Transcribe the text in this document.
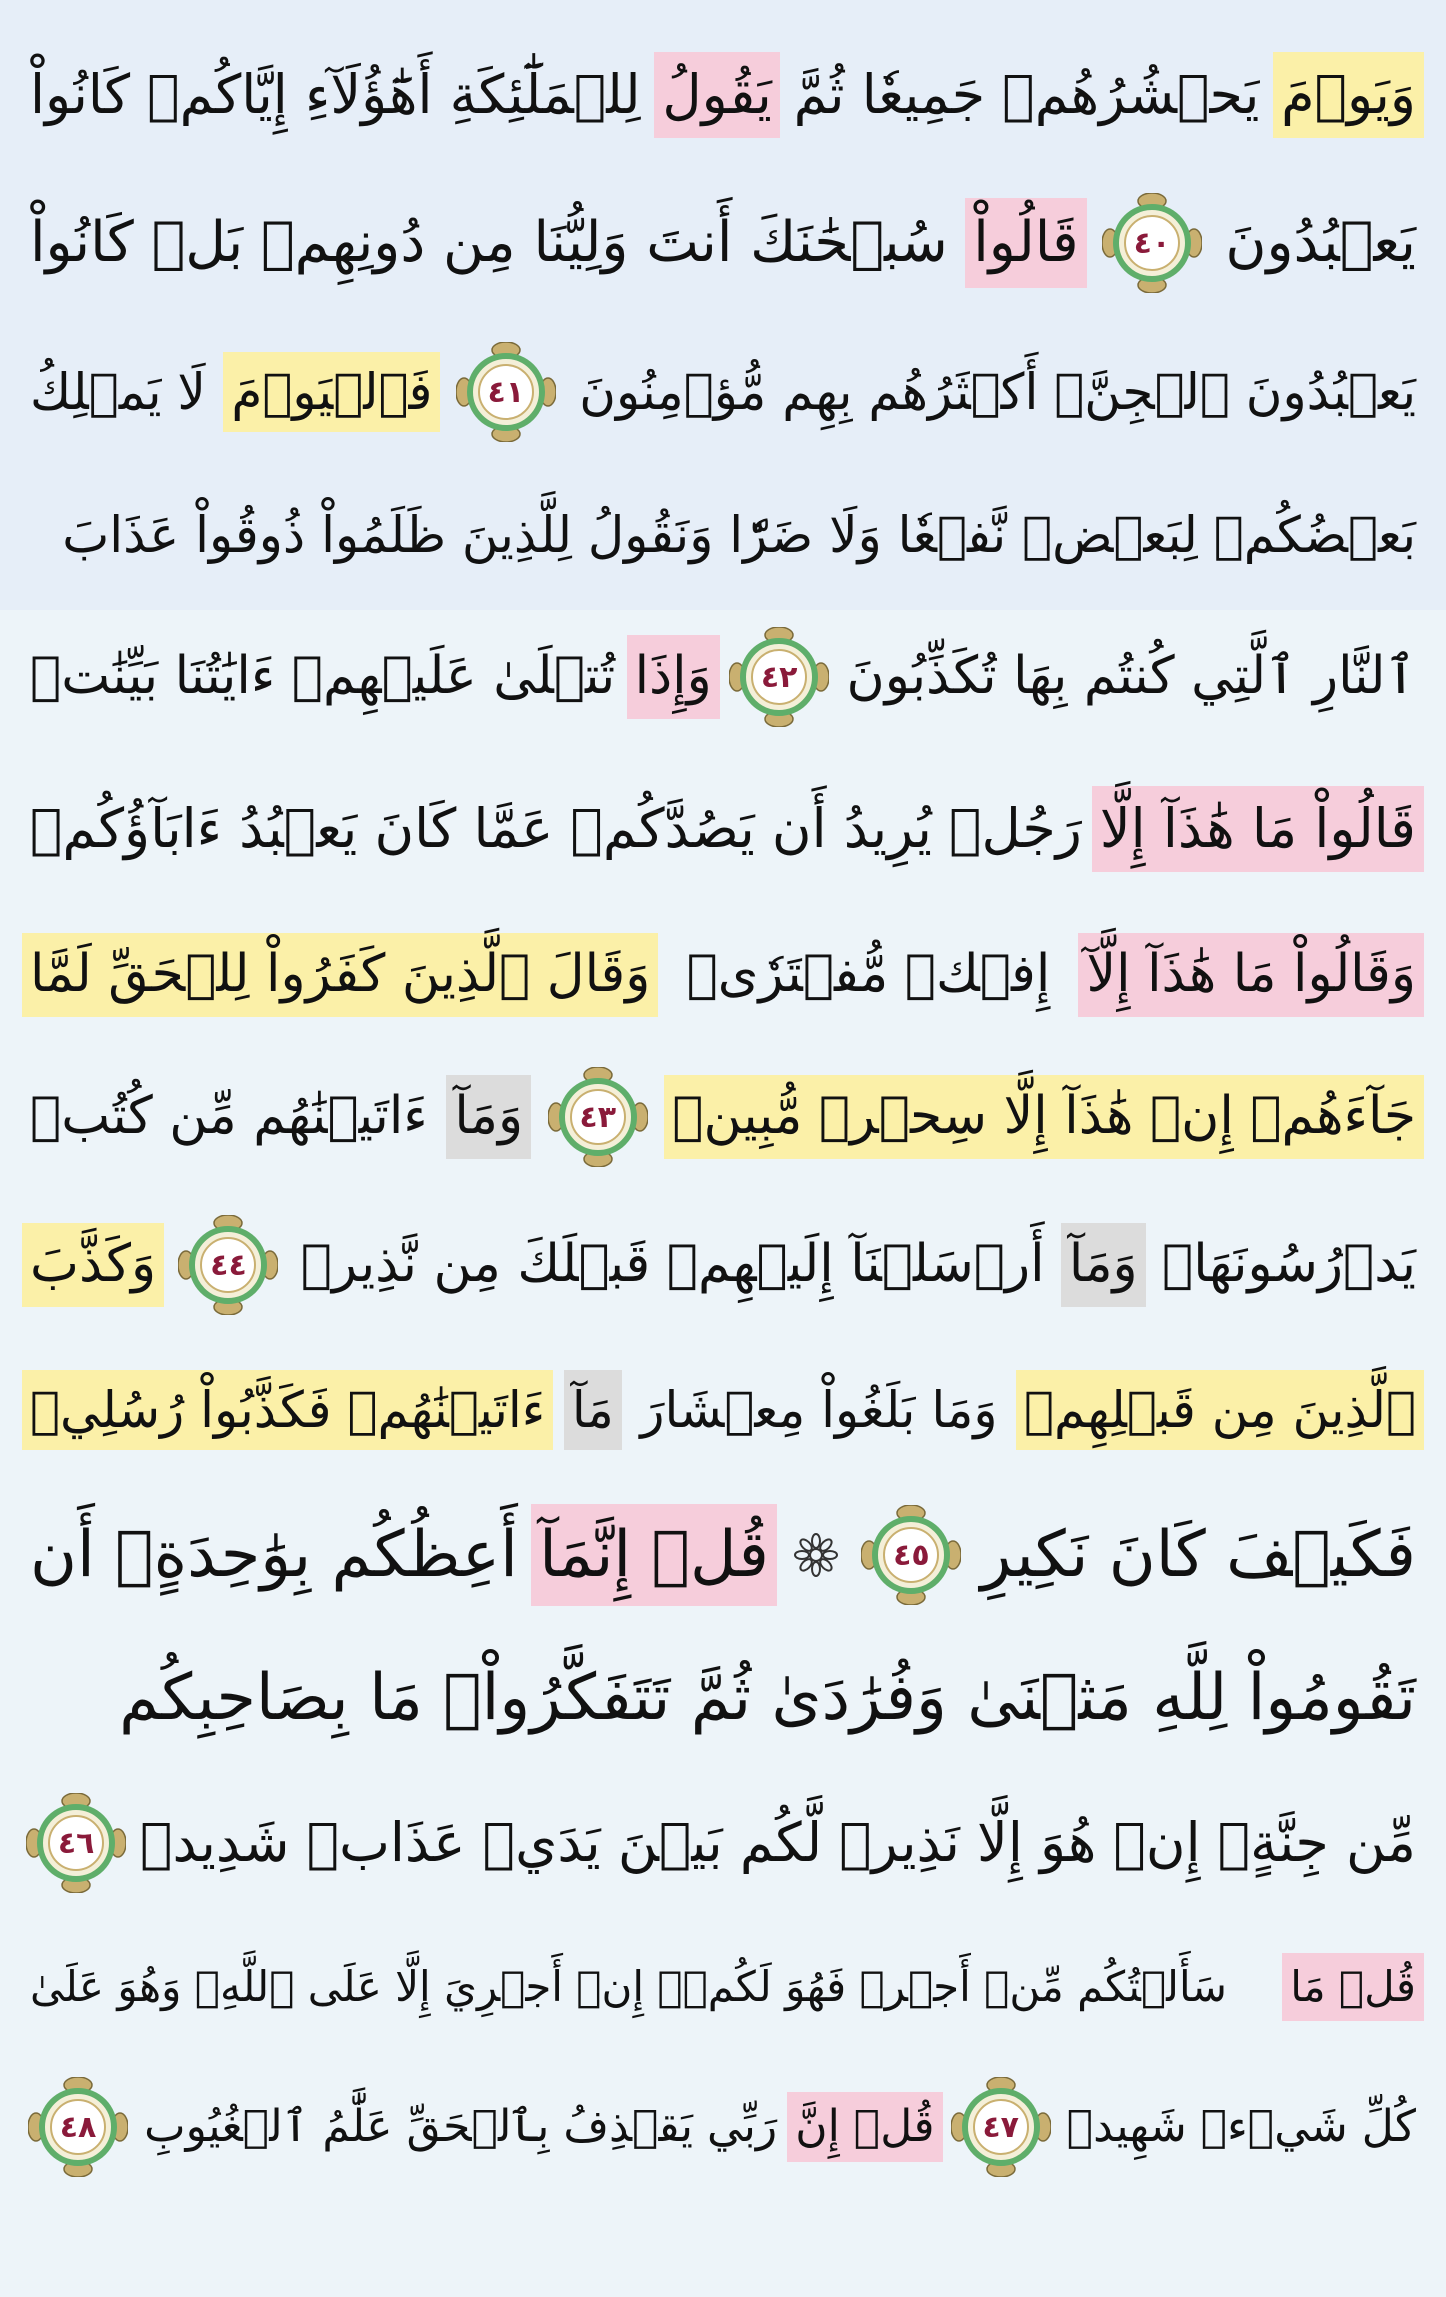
وَيَوۡمَ
يَحۡشُرُهُمۡ جَمِيعٗا ثُمَّ
يَقُولُ
لِلۡمَلَٰٓئِكَةِ أَهَٰٓؤُلَآءِ إِيَّاكُمۡ كَانُواْ
يَعۡبُدُونَ
٤٠
قَالُواْ
سُبۡحَٰنَكَ أَنتَ وَلِيُّنَا مِن دُونِهِمۖ بَلۡ كَانُواْ
يَعۡبُدُونَ ٱلۡجِنَّۖ أَكۡثَرُهُم بِهِم مُّؤۡمِنُونَ
٤١
فَٱلۡيَوۡمَ
لَا يَمۡلِكُ
بَعۡضُكُمۡ لِبَعۡضٖ نَّفۡعٗا وَلَا ضَرّٗا وَنَقُولُ لِلَّذِينَ ظَلَمُواْ ذُوقُواْ عَذَابَ
ٱلنَّارِ ٱلَّتِي كُنتُم بِهَا تُكَذِّبُونَ
٤٢
وَإِذَا
تُتۡلَىٰ عَلَيۡهِمۡ ءَايَٰتُنَا بَيِّنَٰتٖ
قَالُواْ مَا هَٰذَآ إِلَّا
رَجُلٞ يُرِيدُ أَن يَصُدَّكُمۡ عَمَّا كَانَ يَعۡبُدُ ءَابَآؤُكُمۡ
وَقَالُواْ مَا هَٰذَآ إِلَّآ
إِفۡكٞ مُّفۡتَرٗىۚ
وَقَالَ ٱلَّذِينَ كَفَرُواْ لِلۡحَقِّ لَمَّا
جَآءَهُمۡ إِنۡ هَٰذَآ إِلَّا سِحۡرٞ مُّبِينٞ
٤٣
وَمَآ
ءَاتَيۡنَٰهُم مِّن كُتُبٖ
يَدۡرُسُونَهَاۖ
وَمَآ
أَرۡسَلۡنَآ إِلَيۡهِمۡ قَبۡلَكَ مِن نَّذِيرٖ
٤٤
وَكَذَّبَ
ٱلَّذِينَ مِن قَبۡلِهِمۡ
وَمَا بَلَغُواْ مِعۡشَارَ
مَآ
ءَاتَيۡنَٰهُمۡ فَكَذَّبُواْ رُسُلِيۖ
فَكَيۡفَ كَانَ نَكِيرِ
٤٥
قُلۡ إِنَّمَآ
أَعِظُكُم بِوَٰحِدَةٍۖ أَن
تَقُومُواْ لِلَّهِ مَثۡنَىٰ وَفُرَٰدَىٰ ثُمَّ تَتَفَكَّرُواْۚ مَا بِصَاحِبِكُم
مِّن جِنَّةٍۚ إِنۡ هُوَ إِلَّا نَذِيرٞ لَّكُم بَيۡنَ يَدَيۡ عَذَابٖ شَدِيدٖ
٤٦
قُلۡ مَا
سَأَلۡتُكُم مِّنۡ أَجۡرٖ فَهُوَ لَكُمۡۖ إِنۡ أَجۡرِيَ إِلَّا عَلَى ٱللَّهِۖ وَهُوَ عَلَىٰ
كُلِّ شَيۡءٖ شَهِيدٞ
٤٧
قُلۡ إِنَّ
رَبِّي يَقۡذِفُ بِٱلۡحَقِّ عَلَّٰمُ ٱلۡغُيُوبِ
٤٨
